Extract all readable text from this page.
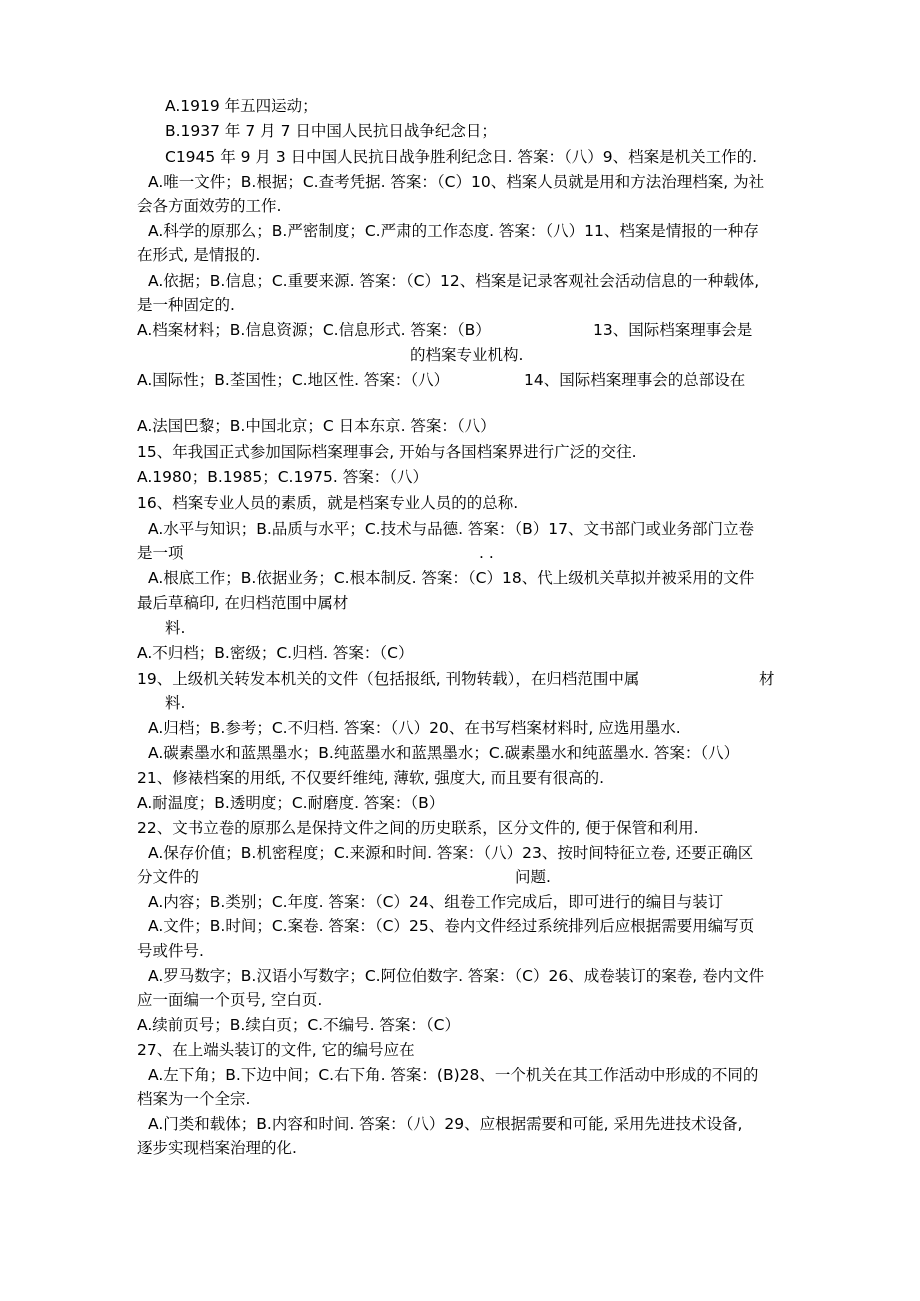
A.1919 年五四运动；

B.1937 年 7 月 7 日中国人民抗日战争纪念日；

C1945 年 9 月 3 日中国人民抗日战争胜利纪念日. 答案：（八）9、档案是机关工作的.

A.唯一文件；B.根据；C.查考凭据. 答案：（C）10、档案人员就是用和方法治理档案, 为社

会各方面效劳的工作.

A.科学的原那么；B.严密制度；C.严肃的工作态度. 答案：（八）11、档案是情报的一种存

在形式, 是情报的.

A.依据；B.信息；C.重要来源. 答案：（C）12、档案是记录客观社会活动信息的一种载体,

是一种固定的.

A.档案材料；B.信息资源；C.信息形式. 答案：（B）	13、国际档案理事会是

的档案专业机构.

A.国际性；B.荃国性；C.地区性. 答案：（八）	14、国际档案理事会的总部设在

A.法国巴黎；B.中国北京；C 日本东京. 答案：（八）

15、年我国正式参加国际档案理事会, 开始与各国档案界进行广泛的交往.

A.1980；B.1985；C.1975. 答案：（八）

16、档案专业人员的素质，就是档案专业人员的的总称.

A.水平与知识；B.品质与水平；C.技术与品德. 答案：（B）17、文书部门或业务部门立卷

是一项	. .

A.根底工作；B.依据业务；C.根本制反. 答案：（C）18、代上级机关草拟并被采用的文件

最后草稿印, 在归档范围中属材

料.

A.不归档；B.密级；C.归档. 答案：（C）

19、上级机关转发本机关的文件（包括报纸, 刊物转载），在归档范围中属	材

料.

A.归档；B.参考；C.不归档. 答案：（八）20、在书写档案材料时, 应选用墨水.

A.碳素墨水和蓝黑墨水；B.纯蓝墨水和蓝黑墨水；C.碳素墨水和纯蓝墨水. 答案：（八）

21、修裱档案的用纸, 不仅要纤维纯, 薄软, 强度大, 而且要有很高的.

A.耐温度；B.透明度；C.耐磨度. 答案：（B）

22、文书立卷的原那么是保持文件之间的历史联系，区分文件的, 便于保管和利用.

A.保存价值；B.机密程度；C.来源和时间. 答案：（八）23、按时间特征立卷, 还要正确区

分文件的	问题.

A.内容；B.类别；C.年度. 答案：（C）24、组卷工作完成后，即可进行的编目与装订

A.文件；B.时间；C.案卷. 答案：（C）25、卷内文件经过系统排列后应根据需要用编写页

号或件号.

A.罗马数字；B.汉语小写数字；C.阿位伯数字. 答案：（C）26、成卷装订的案卷, 卷内文件

应一面编一个页号, 空白页.

A.续前页号；B.续白页；C.不编号. 答案：（C）

27、在上端头装订的文件, 它的编号应在

A.左下角；B.下边中间；C.右下角. 答案：(B)28、一个机关在其工作活动中形成的不同的

档案为一个全宗.

A.门类和载体；B.内容和时间. 答案：（八）29、应根据需要和可能, 采用先进技术设备,

逐步实现档案治理的化.
